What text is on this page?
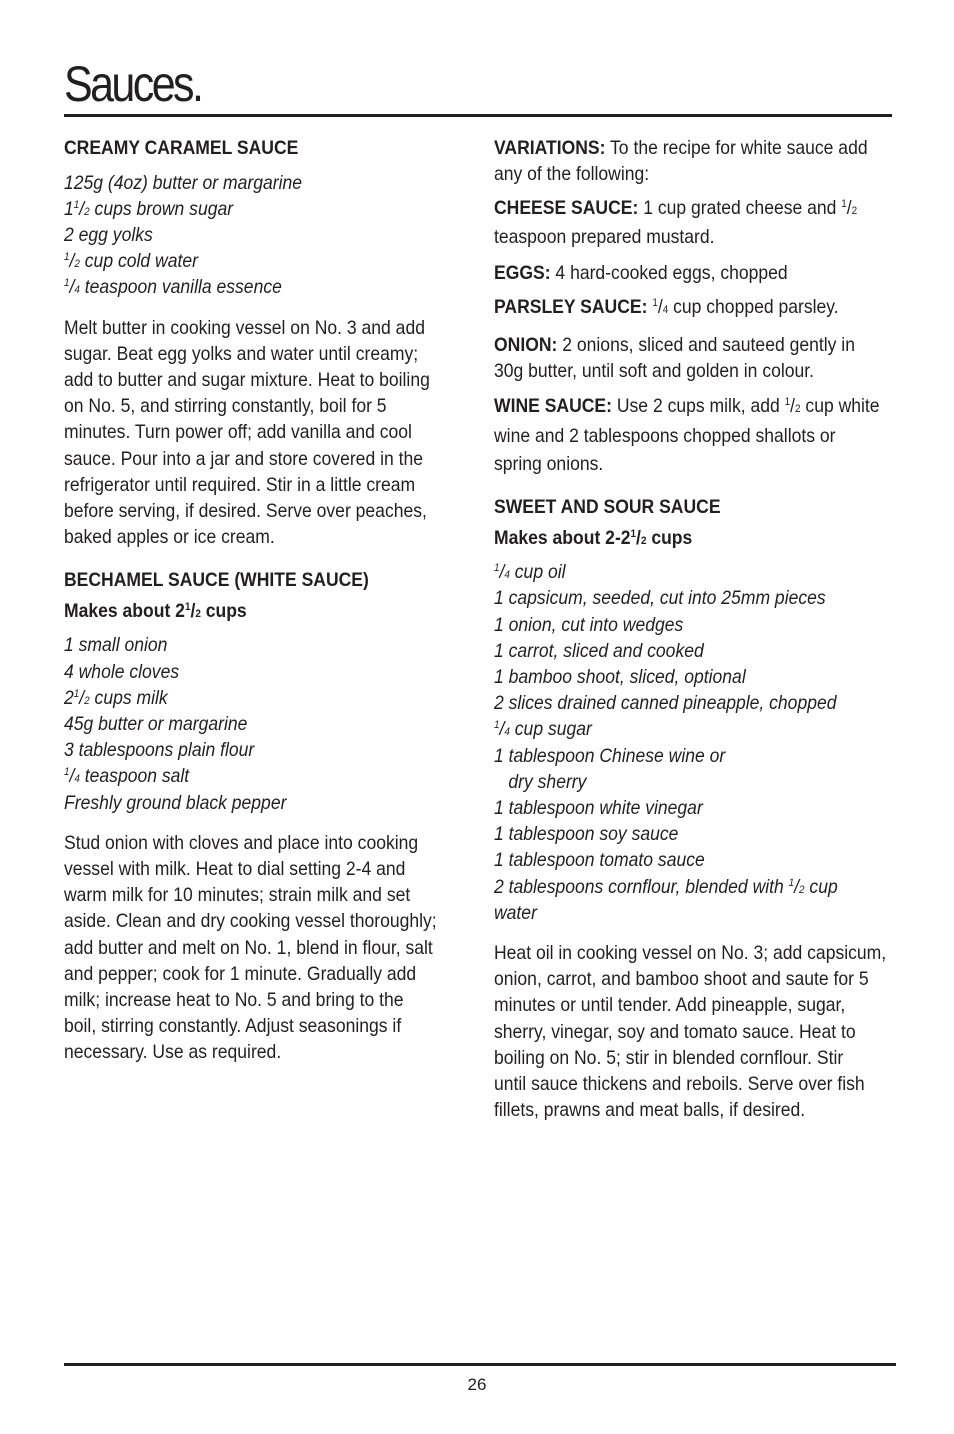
Sauces.
CREAMY CARAMEL SAUCE
125g (4oz) butter or margarine
$1^1/2$ cups brown sugar
2 egg yolks
$^1$/2 cup cold water
$^1$/4 teaspoon vanilla essence
Melt butter in cooking vessel on No. 3 and add
sugar. Beat egg yolks and water until creamy;
add to butter and sugar mixture. Heat to boiling
on No. 5, and stirring constantly, boil for 5
minutes. Turn power off; add vanilla and cool
sauce. Pour into a jar and store covered in the
refrigerator until required. Stir in a little cream
before serving, if desired. Serve over peaches,
baked apples or ice cream.
BECHAMEL SAUCE (WHITE SAUCE)
Makes about $2^1/2$ cups
1 small onion
4 whole cloves
$2^1/2$ cups milk
45g butter or margarine
3 tablespoons plain flour
$^1$/4 teaspoon salt
Freshly ground black pepper
Stud onion with cloves and place into cooking
vessel with milk. Heat to dial setting 2-4 and
warm milk for 10 minutes; strain milk and set
aside. Clean and dry cooking vessel thoroughly;
add butter and melt on No. 1, blend in flour, salt
and pepper; cook for 1 minute. Gradually add
milk; increase heat to No. 5 and bring to the
boil, stirring constantly. Adjust seasonings if
necessary. Use as required.
VARIATIONS: To the recipe for white sauce add
any of the following:
CHEESE SAUCE: 1 cup grated cheese and $^1$/2
teaspoon prepared mustard.
EGGS: 4 hard-cooked eggs, chopped
PARSLEY SAUCE: $^1$/4 cup chopped parsley.
ONION: 2 onions, sliced and sauteed gently in
30g butter, until soft and golden in colour.
WINE SAUCE: Use 2 cups milk, add $^1$/2 cup white
wine and 2 tablespoons chopped shallots or
spring onions.
SWEET AND SOUR SAUCE
Makes about $2-2^1/2$ cups
$^1$/4 cup oil
1 capsicum, seeded, cut into 25mm pieces
1 onion, cut into wedges
1 carrot, sliced and cooked
1 bamboo shoot, sliced, optional
2 slices drained canned pineapple, chopped
$^1$/4 cup sugar
1 tablespoon Chinese wine or
dry sherry
1 tablespoon white vinegar
1 tablespoon soy sauce
1 tablespoon tomato sauce
2 tablespoons cornflour, blended with $^1$/2 cup
water
Heat oil in cooking vessel on No. 3; add capsicum,
onion, carrot, and bamboo shoot and saute for 5
minutes or until tender. Add pineapple, sugar,
sherry, vinegar, soy and tomato sauce. Heat to
boiling on No. 5; stir in blended cornflour. Stir
until sauce thickens and reboils. Serve over fish
fillets, prawns and meat balls, if desired.
26
